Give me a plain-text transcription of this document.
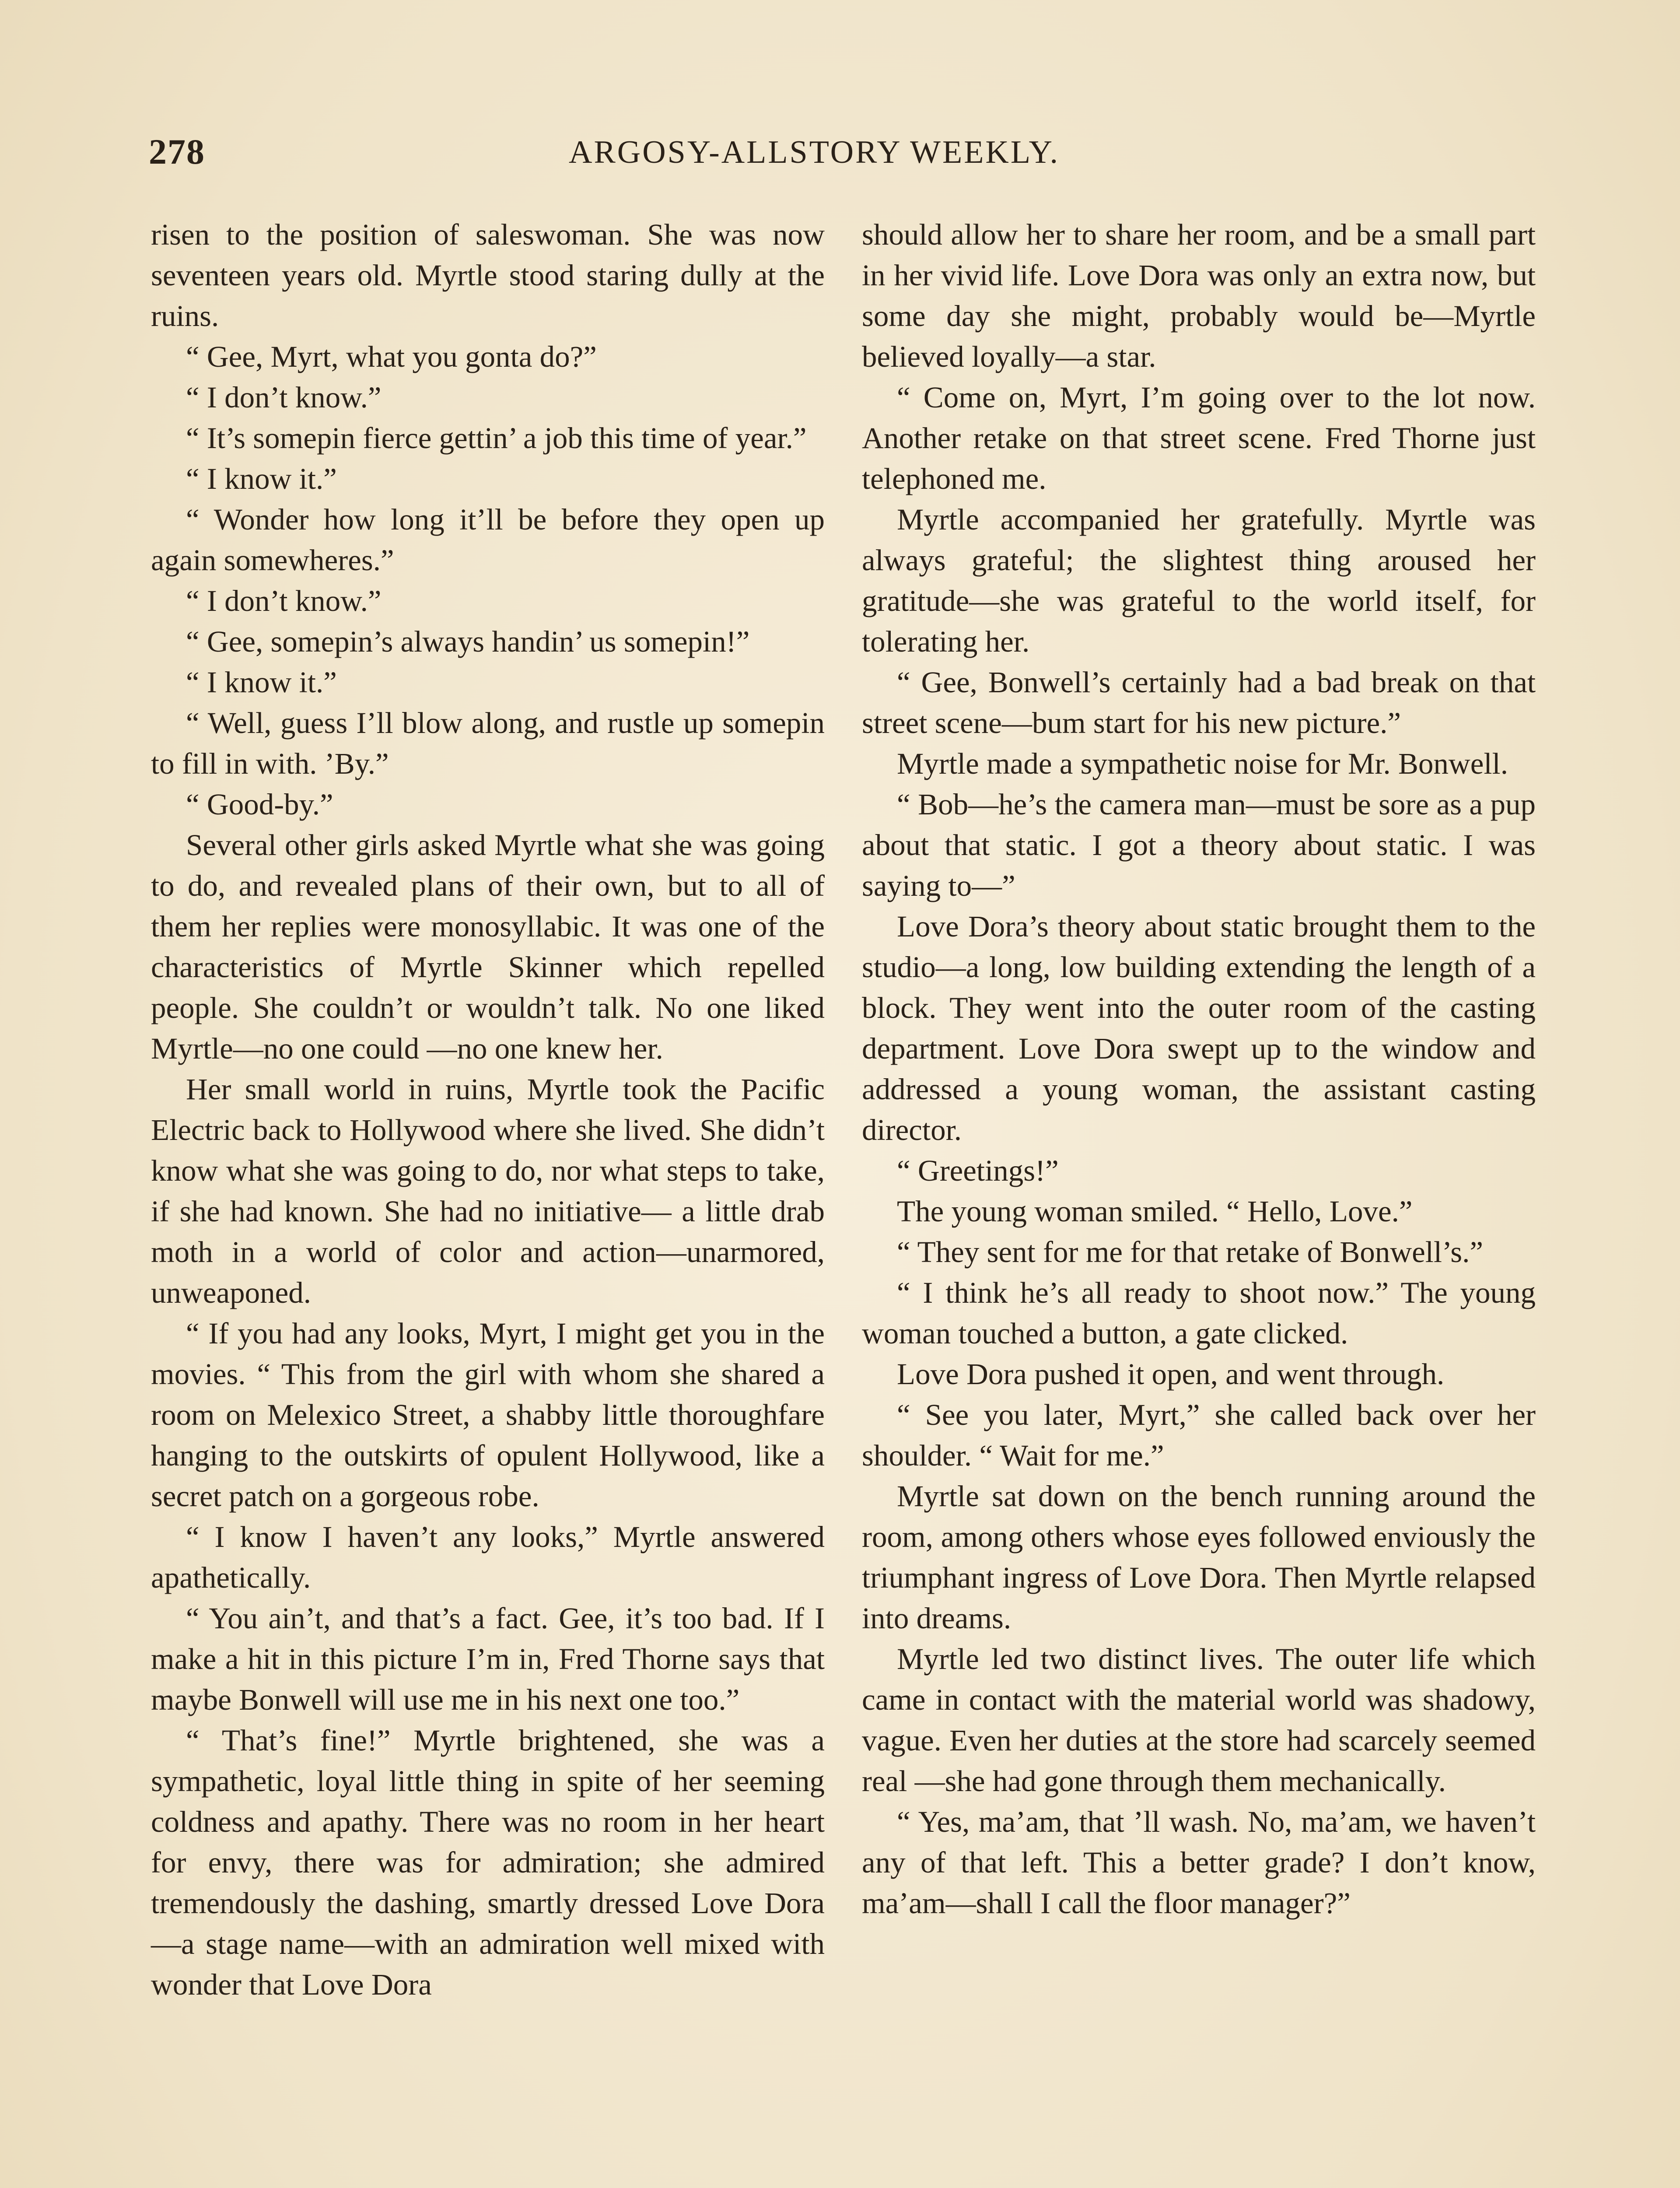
278	ARGOSY-ALLSTORY WEEKLY.

risen to the position of saleswoman. She was now seventeen years old. Myrtle stood staring dully at the ruins.

“ Gee, Myrt, what you gonta do?”

“ I don’t know.”

“ It’s somepin fierce gettin’ a job this time of year.”

“ I know it.”

“ Wonder how long it’ll be before they open up again somewheres.”

“ I don’t know.”

“ Gee, somepin’s always handin’ us somepin!”

“ I know it.”

“ Well, guess I’ll blow along, and rustle up somepin to fill in with. ’By.”

“ Good-by.”

Several other girls asked Myrtle what she was going to do, and revealed plans of their own, but to all of them her replies were monosyllabic. It was one of the characteristics of Myrtle Skinner which repelled people. She couldn’t or wouldn’t talk. No one liked Myrtle—no one could —no one knew her.

Her small world in ruins, Myrtle took the Pacific Electric back to Hollywood where she lived. She didn’t know what she was going to do, nor what steps to take, if she had known. She had no initiative— a little drab moth in a world of color and action—unarmored, unweaponed.

“ If you had any looks, Myrt, I might get you in the movies. “ This from the girl with whom she shared a room on Melexico Street, a shabby little thoroughfare hanging to the outskirts of opulent Hollywood, like a secret patch on a gorgeous robe.

“ I know I haven’t any looks,” Myrtle answered apathetically.

“ You ain’t, and that’s a fact. Gee, it’s too bad. If I make a hit in this picture I’m in, Fred Thorne says that maybe Bonwell will use me in his next one too.”

“ That’s fine!” Myrtle brightened, she was a sympathetic, loyal little thing in spite of her seeming coldness and apathy. There was no room in her heart for envy, there was for admiration; she admired tremendously the dashing, smartly dressed Love Dora—a stage name—with an admiration well mixed with wonder that Love Dora

should allow her to share her room, and be a small part in her vivid life. Love Dora was only an extra now, but some day she might, probably would be—Myrtle believed loyally—a star.

“ Come on, Myrt, I’m going over to the lot now. Another retake on that street scene. Fred Thorne just telephoned me.

Myrtle accompanied her gratefully. Myrtle was always grateful; the slightest thing aroused her gratitude—she was grateful to the world itself, for tolerating her.

“ Gee, Bonwell’s certainly had a bad break on that street scene—bum start for his new picture.”

Myrtle made a sympathetic noise for Mr. Bonwell.

“ Bob—he’s the camera man—must be sore as a pup about that static. I got a theory about static. I was saying to—”

Love Dora’s theory about static brought them to the studio—a long, low building extending the length of a block. They went into the outer room of the casting department. Love Dora swept up to the window and addressed a young woman, the assistant casting director.

“ Greetings!”

The young woman smiled. “ Hello, Love.”

“ They sent for me for that retake of Bonwell’s.”

“ I think he’s all ready to shoot now.” The young woman touched a button, a gate clicked.

Love Dora pushed it open, and went through.

“ See you later, Myrt,” she called back over her shoulder. “ Wait for me.”

Myrtle sat down on the bench running around the room, among others whose eyes followed enviously the triumphant ingress of Love Dora. Then Myrtle relapsed into dreams.

Myrtle led two distinct lives. The outer life which came in contact with the material world was shadowy, vague. Even her duties at the store had scarcely seemed real —she had gone through them mechanically.

“ Yes, ma’am, that ’ll wash. No, ma’am, we haven’t any of that left. This a better grade? I don’t know, ma’am—shall I call the floor manager?”
